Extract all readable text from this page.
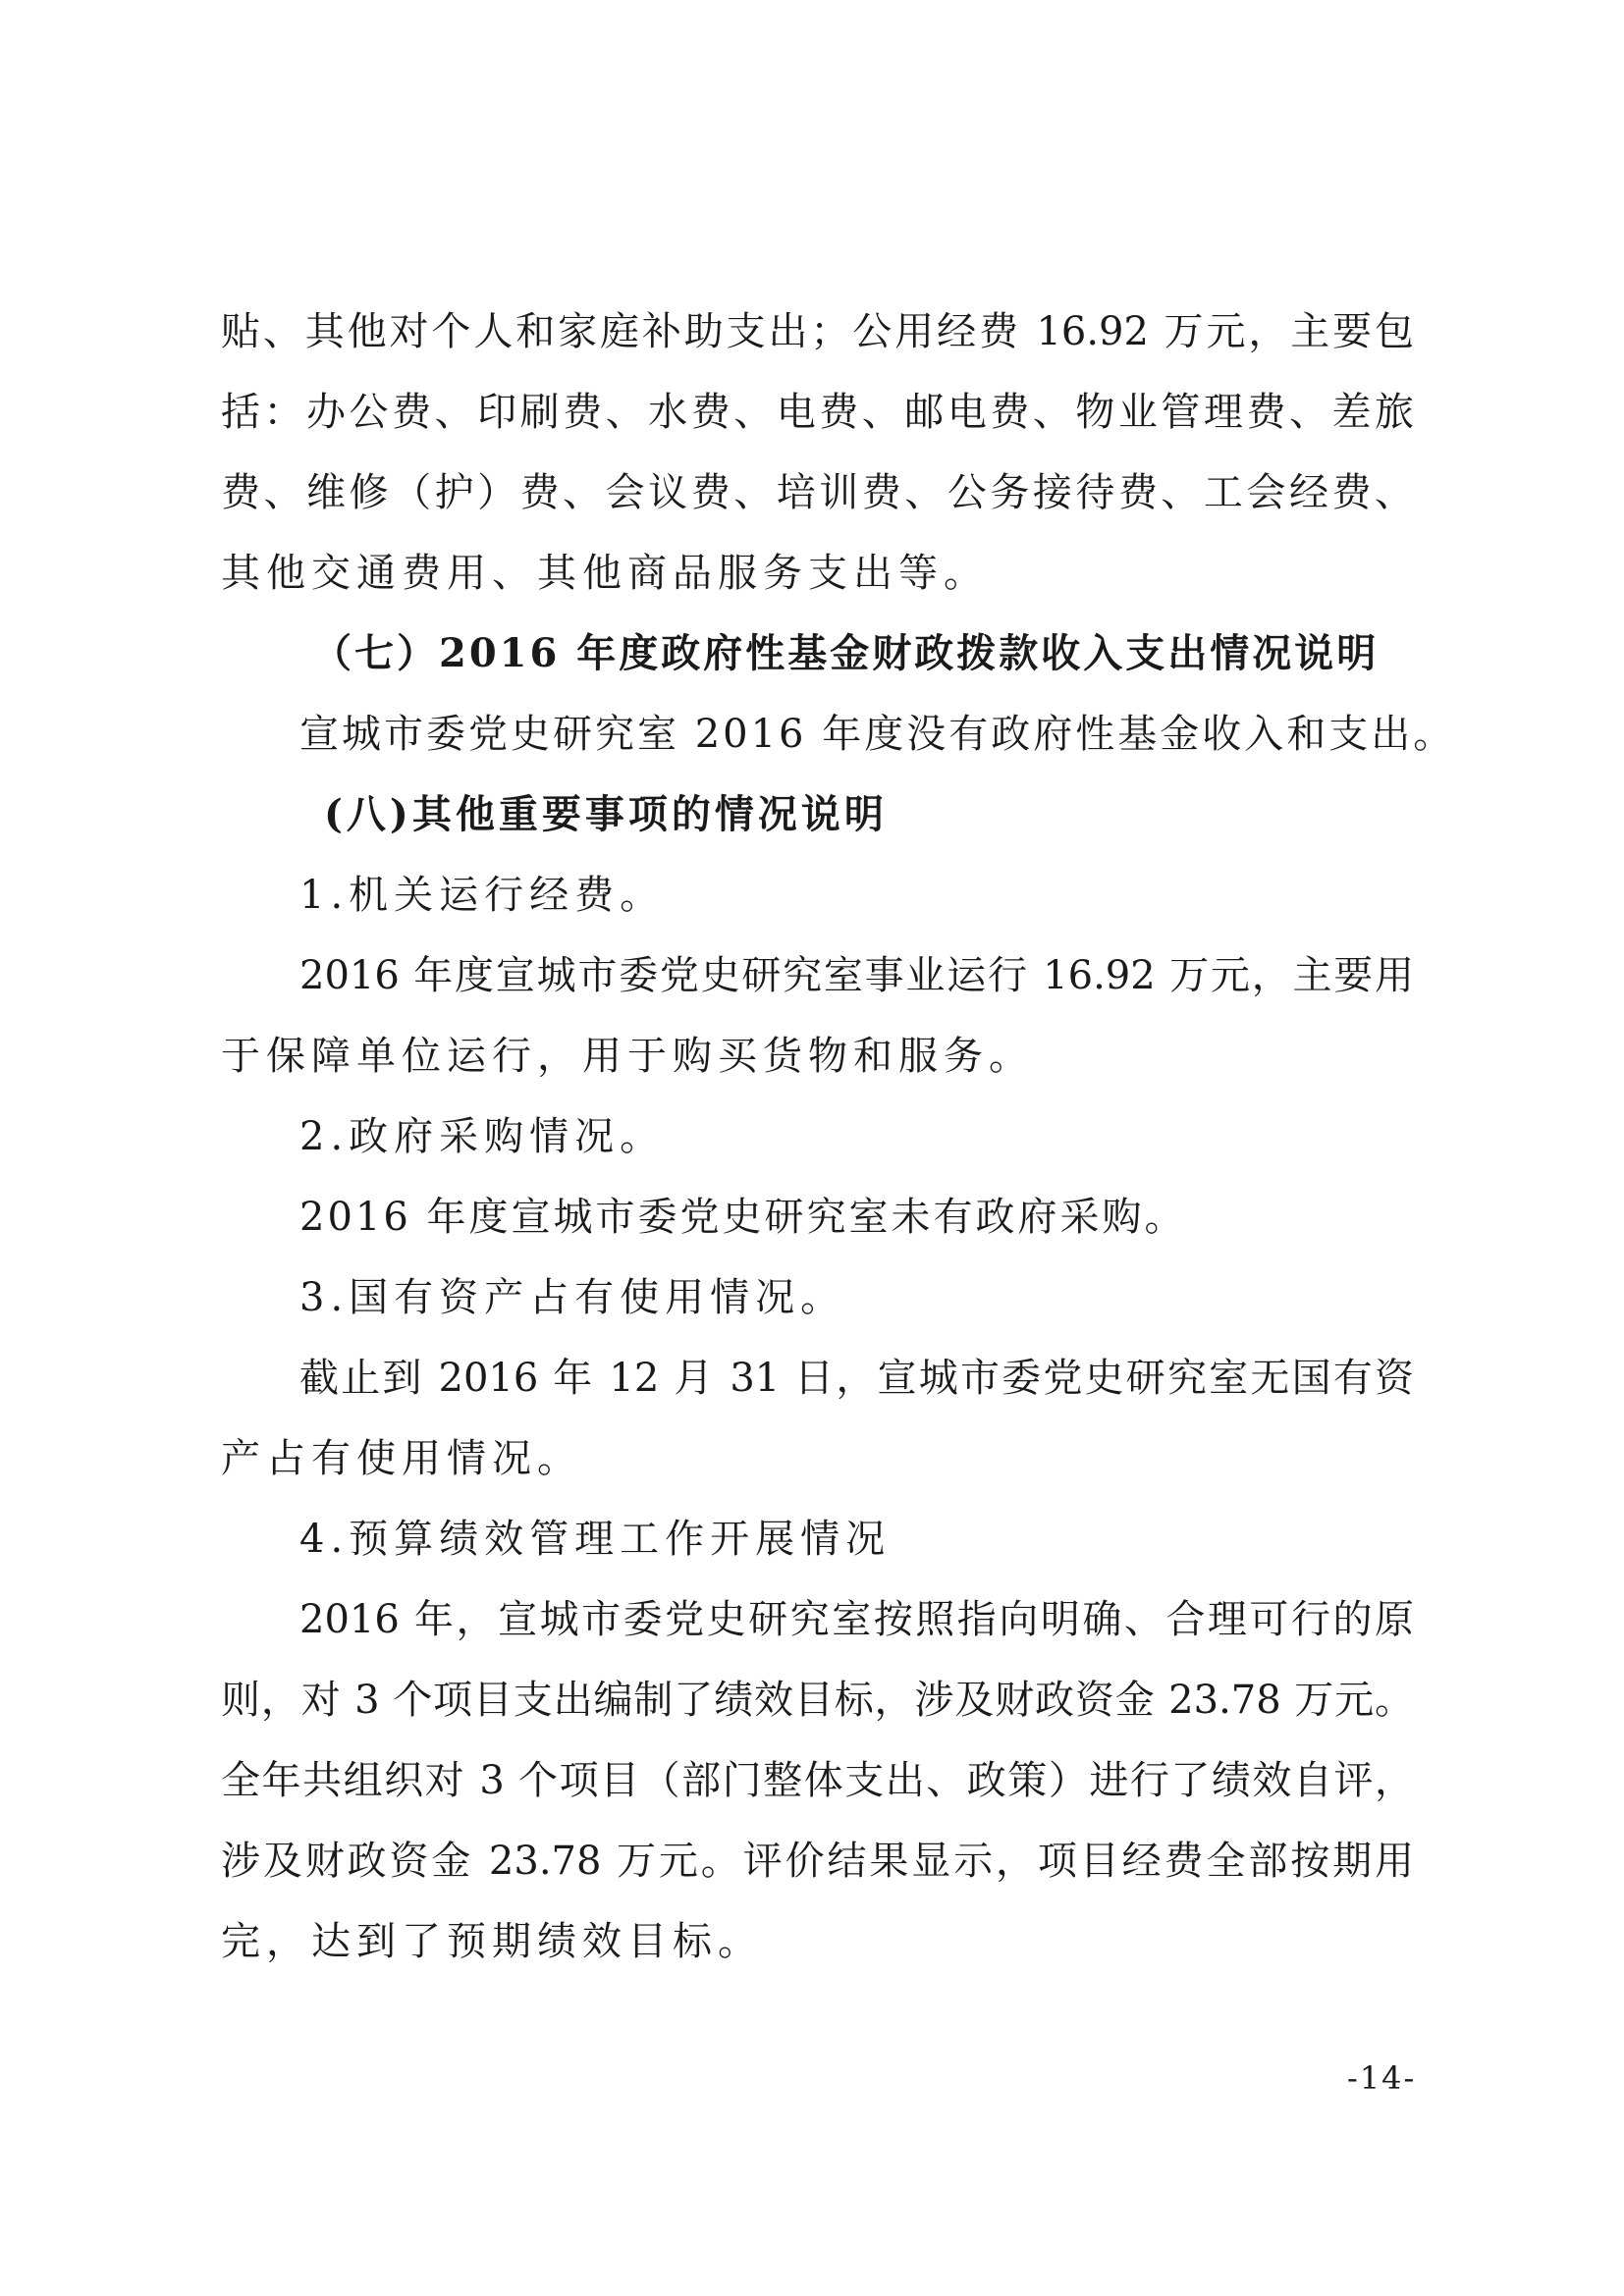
贴、其他对个人和家庭补助支出；公用经费 16.92 万元，主要包
括：办公费、印刷费、水费、电费、邮电费、物业管理费、差旅
费、维修（护）费、会议费、培训费、公务接待费、工会经费、
其他交通费用、其他商品服务支出等。
（七）2016 年度政府性基金财政拨款收入支出情况说明
宣城市委党史研究室 2016 年度没有政府性基金收入和支出。
(八)其他重要事项的情况说明
1.机关运行经费。
2016 年度宣城市委党史研究室事业运行 16.92 万元，主要用
于保障单位运行，用于购买货物和服务。
2.政府采购情况。
2016 年度宣城市委党史研究室未有政府采购。
3.国有资产占有使用情况。
截止到 2016 年 12 月 31 日，宣城市委党史研究室无国有资
产占有使用情况。
4.预算绩效管理工作开展情况
2016 年，宣城市委党史研究室按照指向明确、合理可行的原
则，对 3 个项目支出编制了绩效目标，涉及财政资金 23.78 万元。
全年共组织对 3 个项目（部门整体支出、政策）进行了绩效自评，
涉及财政资金 23.78 万元。评价结果显示，项目经费全部按期用
完，达到了预期绩效目标。
-14-
